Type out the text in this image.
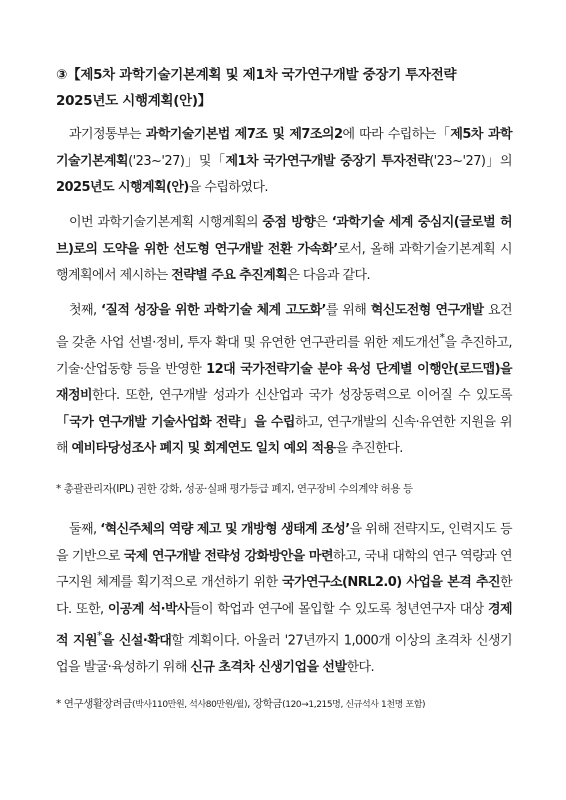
③【제5차 과학기술기본계획 및 제1차 국가연구개발 중장기 투자전략
2025년도 시행계획(안)】
과기정통부는 과학기술기본법 제7조 및 제7조의2에 따라 수립하는「제5차 과학기술기본계획('23~'27)」및「제1차 국가연구개발 중장기 투자전략('23~'27)」의 2025년도 시행계획(안)을 수립하였다.
이번 과학기술기본계획 시행계획의 중점 방향은 ‘과학기술 세계 중심지(글로벌 허브)로의 도약을 위한 선도형 연구개발 전환 가속화’로서, 올해 과학기술기본계획 시행계획에서 제시하는 전략별 주요 추진계획은 다음과 같다.
첫째, ‘질적 성장을 위한 과학기술 체계 고도화’를 위해 혁신도전형 연구개발 요건을 갖춘 사업 선별·정비, 투자 확대 및 유연한 연구관리를 위한 제도개선*을 추진하고, 기술·산업동향 등을 반영한 12대 국가전략기술 분야 육성 단계별 이행안(로드맵)을 재정비한다. 또한, 연구개발 성과가 신산업과 국가 성장동력으로 이어질 수 있도록 「국가 연구개발 기술사업화 전략」을 수립하고, 연구개발의 신속·유연한 지원을 위해 예비타당성조사 폐지 및 회계연도 일치 예외 적용을 추진한다.
* 총괄관리자(IPL) 권한 강화, 성공·실패 평가등급 폐지, 연구장비 수의계약 허용 등
둘째, ‘혁신주체의 역량 제고 및 개방형 생태계 조성’을 위해 전략지도, 인력지도 등을 기반으로 국제 연구개발 전략성 강화방안을 마련하고, 국내 대학의 연구 역량과 연구지원 체계를 획기적으로 개선하기 위한 국가연구소(NRL2.0) 사업을 본격 추진한다. 또한, 이공계 석·박사들이 학업과 연구에 몰입할 수 있도록 청년연구자 대상 경제적 지원*을 신설·확대할 계획이다. 아울러 '27년까지 1,000개 이상의 초격차 신생기업을 발굴·육성하기 위해 신규 초격차 신생기업을 선발한다.
* 연구생활장려금(박사110만원, 석사80만원/월), 장학금(120→1,215명, 신규석사 1천명 포함)
